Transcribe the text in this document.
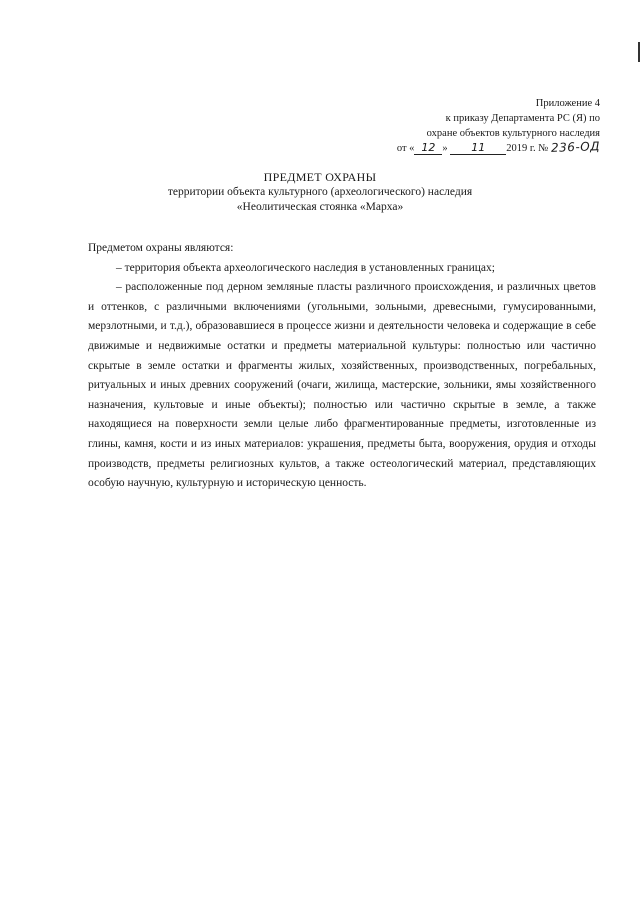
Приложение 4
к приказу Департамента РС (Я) по
охране объектов культурного наследия
от « 12 » 11 2019 г. № 236-ОД
ПРЕДМЕТ ОХРАНЫ
территории объекта культурного (археологического) наследия
«Неолитическая стоянка «Марха»

Предметом охраны являются:

– территория объекта археологического наследия в установленных границах;

– расположенные под дерном земляные пласты различного происхождения, и различных цветов и оттенков, с различными включениями (угольными, зольными, древесными, гумусированными, мерзлотными, и т.д.), образовавшиеся в процессе жизни и деятельности человека и содержащие в себе движимые и недвижимые остатки и предметы материальной культуры: полностью или частично скрытые в земле остатки и фрагменты жилых, хозяйственных, производственных, погребальных, ритуальных и иных древних сооружений (очаги, жилища, мастерские, зольники, ямы хозяйственного назначения, культовые и иные объекты); полностью или частично скрытые в земле, а также находящиеся на поверхности земли целые либо фрагментированные предметы, изготовленные из глины, камня, кости и из иных материалов: украшения, предметы быта, вооружения, орудия и отходы производств, предметы религиозных культов, а также остеологический материал, представляющих особую научную, культурную и историческую ценность.
